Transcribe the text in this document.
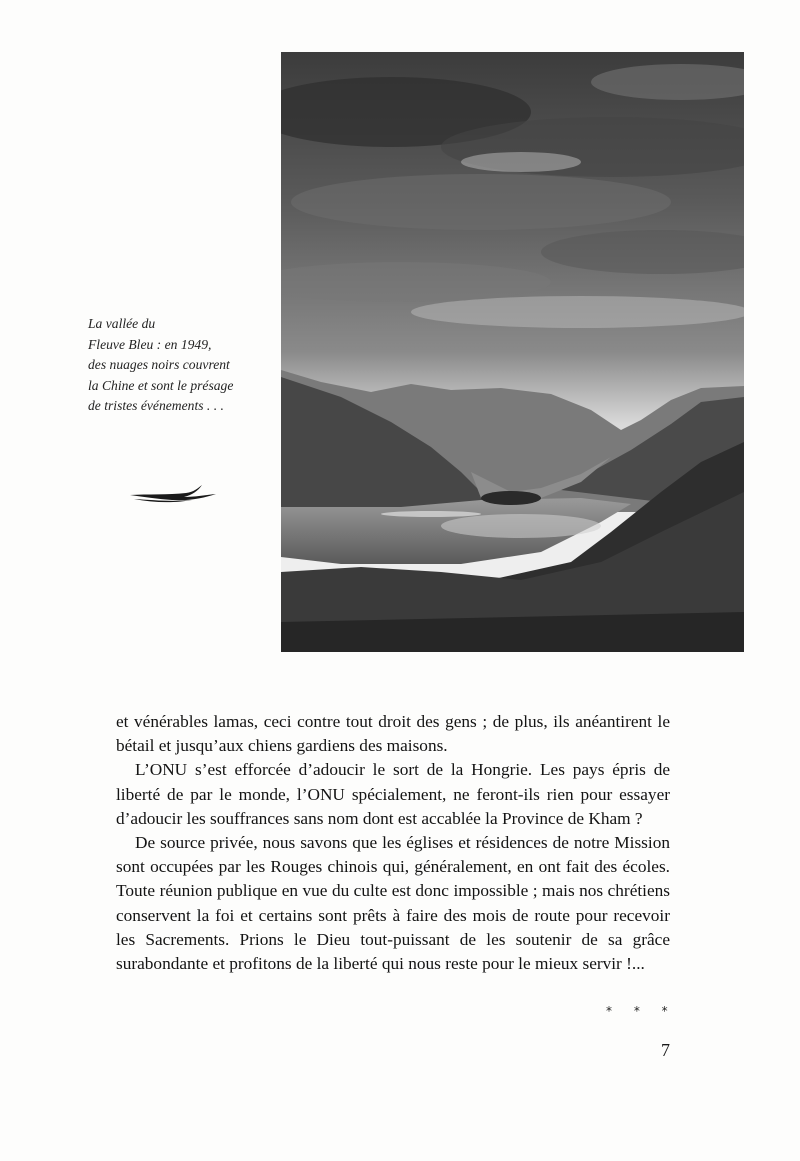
La vallée du
Fleuve Bleu : en 1949,
des nuages noirs couvrent
la Chine et sont le présage
de tristes événements . . .

et vénérables lamas, ceci contre tout droit des gens ; de plus, ils anéantirent le bétail et jusqu’aux chiens gardiens des maisons.

L’ONU s’est efforcée d’adoucir le sort de la Hongrie. Les pays épris de liberté de par le monde, l’ONU spécialement, ne feront-ils rien pour essayer d’adoucir les souffrances sans nom dont est accablée la Province de Kham ?

De source privée, nous savons que les églises et résidences de notre Mission sont occupées par les Rouges chinois qui, généralement, en ont fait des écoles. Toute réunion publique en vue du culte est donc impossible ; mais nos chrétiens conservent la foi et certains sont prêts à faire des mois de route pour recevoir les Sacrements. Prions le Dieu tout-puissant de les soutenir de sa grâce surabondante et profitons de la liberté qui nous reste pour le mieux servir !...

* * *
7
